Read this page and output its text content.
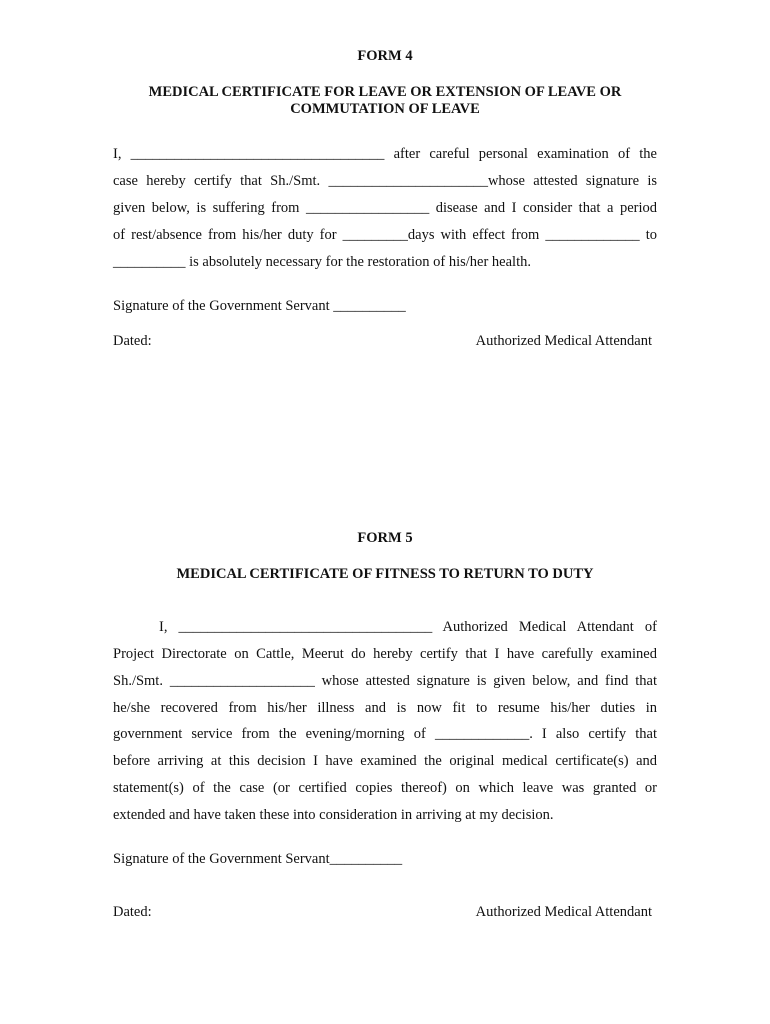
FORM 4
MEDICAL CERTIFICATE FOR LEAVE OR EXTENSION OF LEAVE OR
COMMUTATION OF LEAVE
I, ___________________________________ after careful personal examination of the
case hereby certify that Sh./Smt. ______________________whose attested signature is
given below, is suffering from _________________ disease and I consider that a period
of rest/absence from his/her duty for _________days with effect from _____________ to
__________ is absolutely necessary for the restoration of his/her health.
Signature of the Government Servant __________
Dated:	Authorized Medical Attendant
FORM 5
MEDICAL CERTIFICATE OF FITNESS TO RETURN TO DUTY
I, ___________________________________ Authorized Medical Attendant of
Project Directorate on Cattle, Meerut do hereby certify that I have carefully examined
Sh./Smt. ____________________ whose attested signature is given below, and find that
he/she recovered from his/her illness and is now fit to resume his/her duties in
government service from the evening/morning of _____________. I also certify that
before arriving at this decision I have examined the original medical certificate(s) and
statement(s) of the case (or certified copies thereof) on which leave was granted or
extended and have taken these into consideration in arriving at my decision.
Signature of the Government Servant__________
Dated:	Authorized Medical Attendant
